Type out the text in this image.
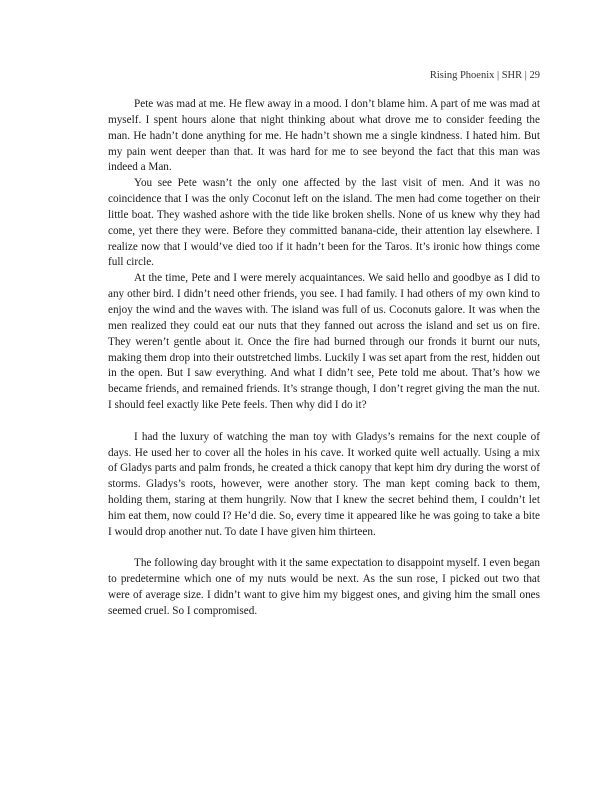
Rising Phoenix | SHR | 29

Pete was mad at me. He flew away in a mood. I don’t blame him. A part of me was mad at myself. I spent hours alone that night thinking about what drove me to consider feeding the man. He hadn’t done anything for me. He hadn’t shown me a single kindness. I hated him. But my pain went deeper than that. It was hard for me to see beyond the fact that this man was indeed a Man.

You see Pete wasn’t the only one affected by the last visit of men. And it was no coincidence that I was the only Coconut left on the island. The men had come together on their little boat. They washed ashore with the tide like broken shells. None of us knew why they had come, yet there they were. Before they committed banana-cide, their attention lay elsewhere. I realize now that I would’ve died too if it hadn’t been for the Taros. It’s ironic how things come full circle.

At the time, Pete and I were merely acquaintances. We said hello and goodbye as I did to any other bird. I didn’t need other friends, you see. I had family. I had others of my own kind to enjoy the wind and the waves with. The island was full of us. Coconuts galore. It was when the men realized they could eat our nuts that they fanned out across the island and set us on fire. They weren’t gentle about it. Once the fire had burned through our fronds it burnt our nuts, making them drop into their outstretched limbs. Luckily I was set apart from the rest, hidden out in the open. But I saw everything. And what I didn’t see, Pete told me about. That’s how we became friends, and remained friends. It’s strange though, I don’t regret giving the man the nut. I should feel exactly like Pete feels. Then why did I do it?

I had the luxury of watching the man toy with Gladys’s remains for the next couple of days. He used her to cover all the holes in his cave. It worked quite well actually. Using a mix of Gladys parts and palm fronds, he created a thick canopy that kept him dry during the worst of storms. Gladys’s roots, however, were another story. The man kept coming back to them, holding them, staring at them hungrily. Now that I knew the secret behind them, I couldn’t let him eat them, now could I? He’d die. So, every time it appeared like he was going to take a bite I would drop another nut. To date I have given him thirteen.

The following day brought with it the same expectation to disappoint myself. I even began to predetermine which one of my nuts would be next. As the sun rose, I picked out two that were of average size. I didn’t want to give him my biggest ones, and giving him the small ones seemed cruel. So I compromised.
